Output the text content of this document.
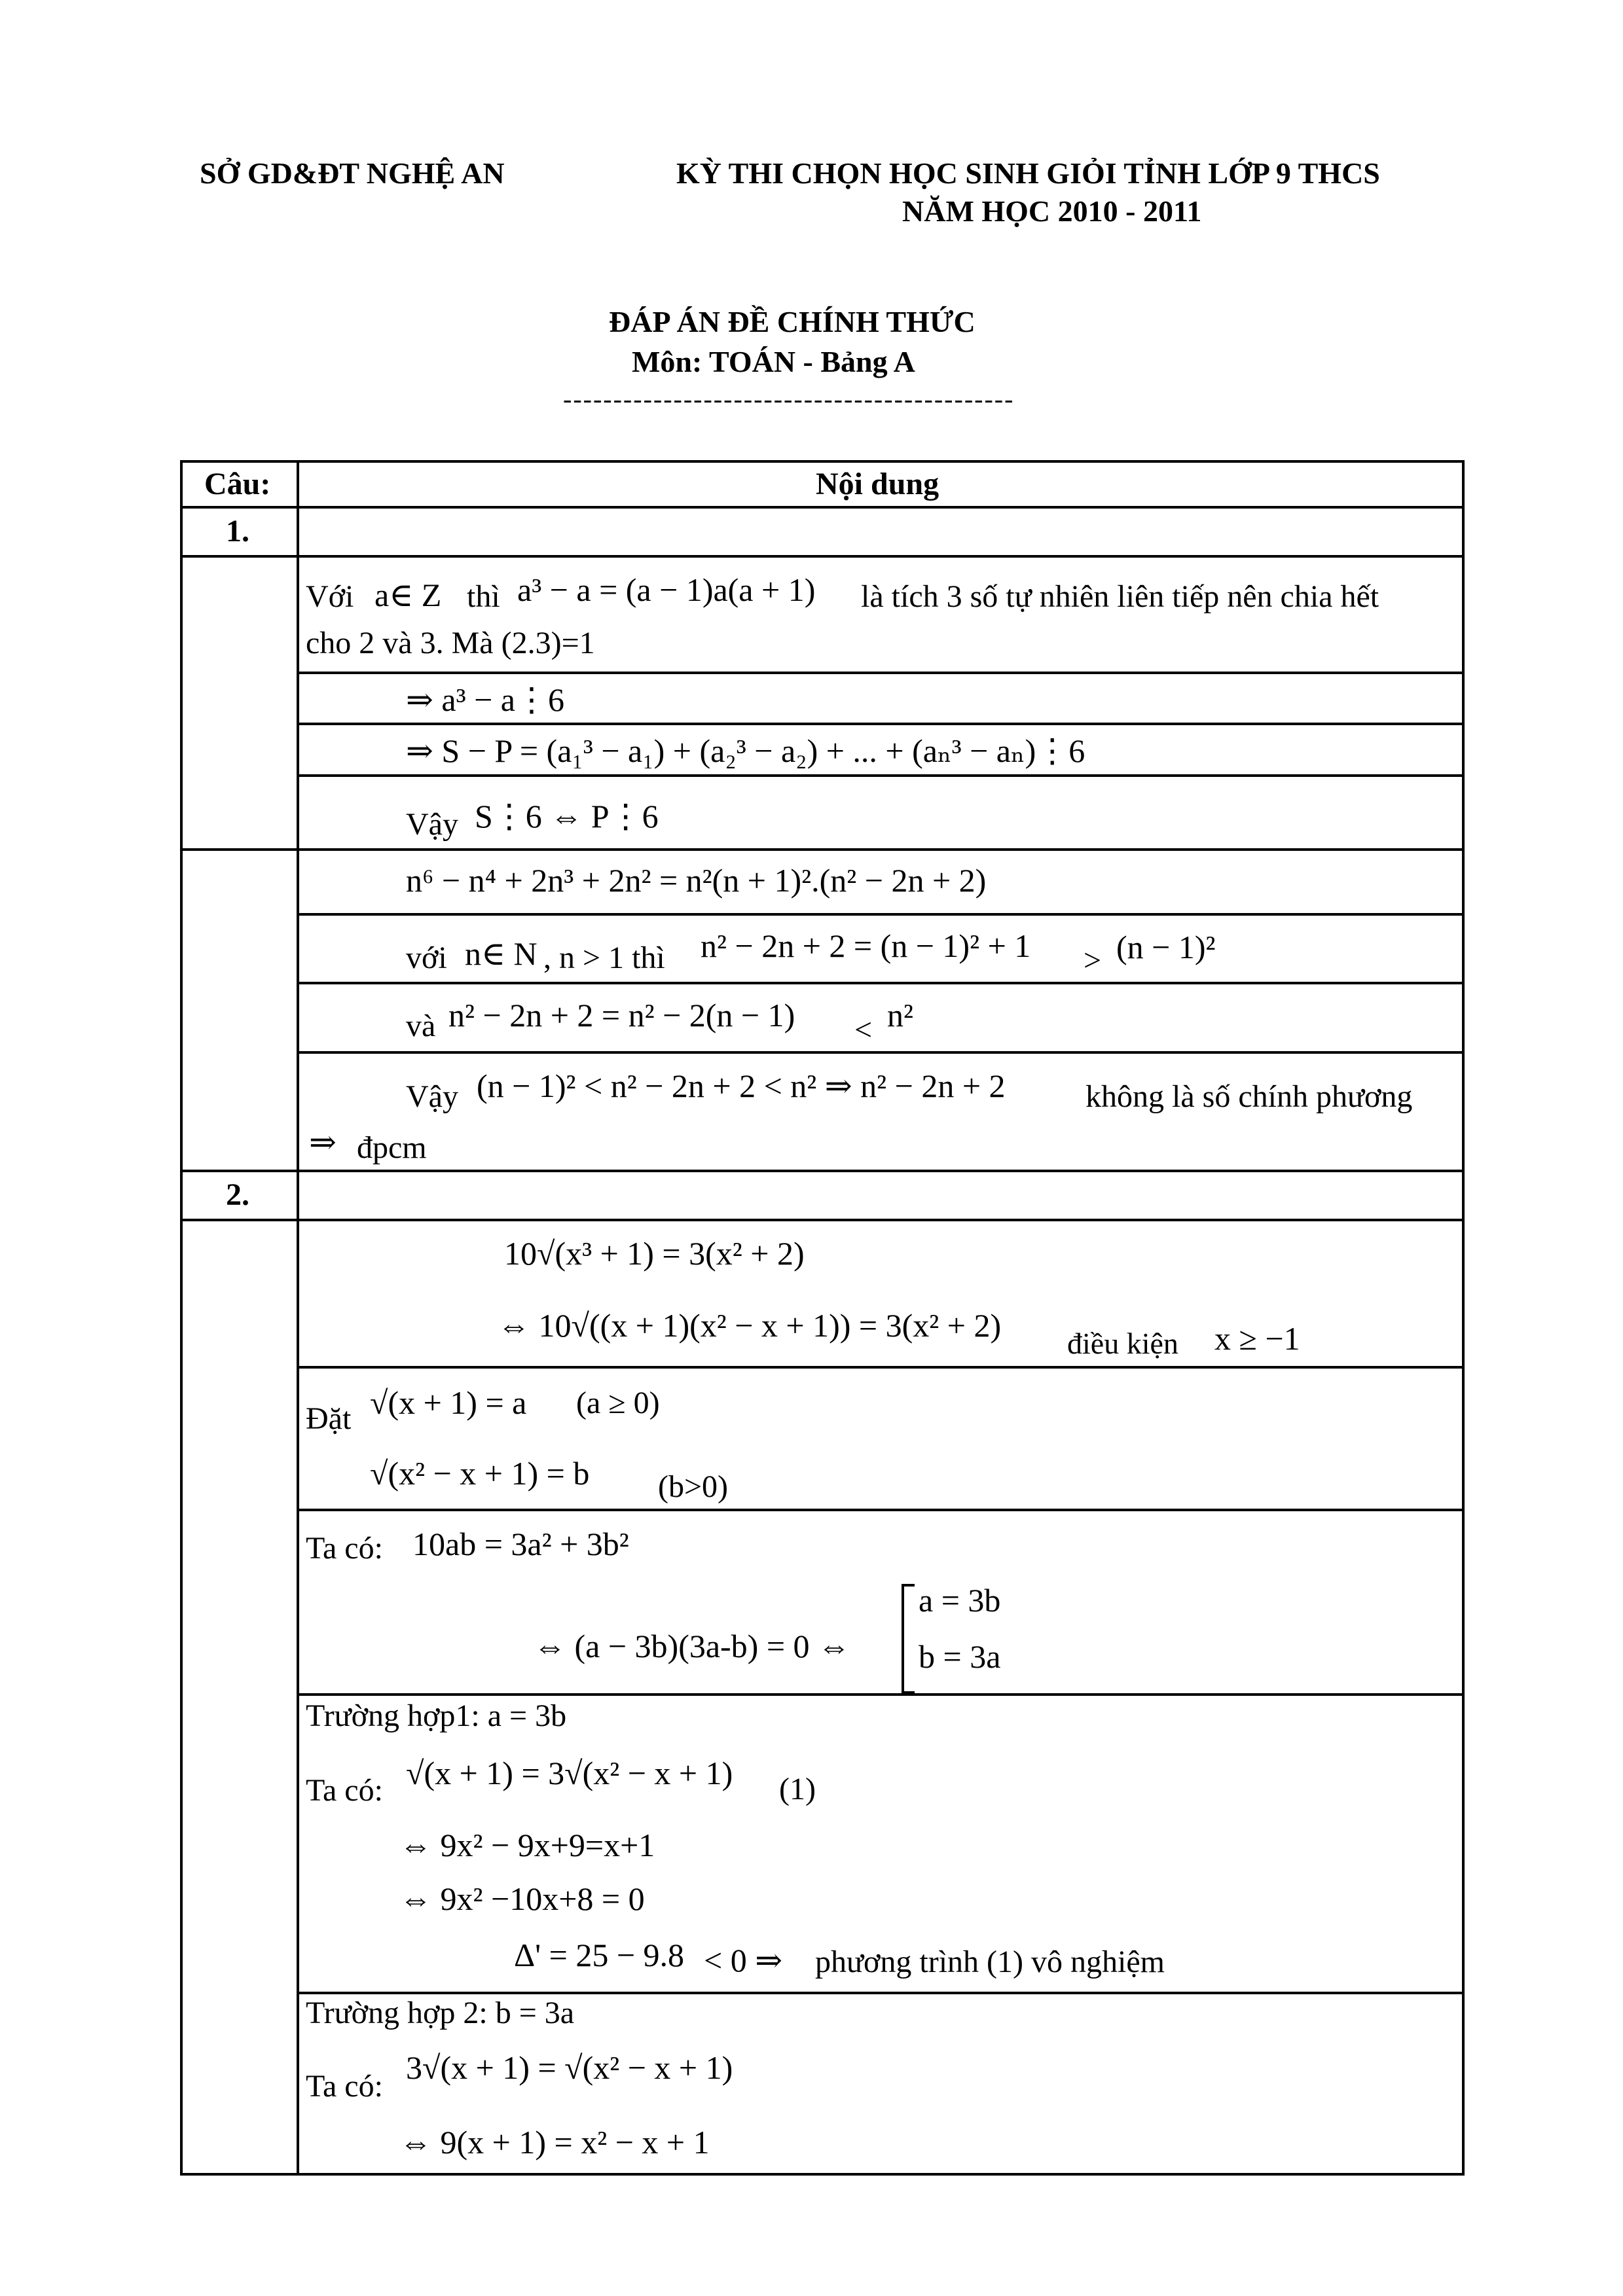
SỞ GD&ĐT NGHỆ AN	KỲ THI CHỌN HỌC SINH GIỎI TỈNH LỚP 9 THCS
NĂM HỌC 2010 - 2011
ĐÁP ÁN ĐỀ CHÍNH THỨC
Môn: TOÁN - Bảng A
---------------------------------------------
Câu:	Nội dung
1.
Với a∈ Z thì a³ − a = (a − 1)a(a + 1) là tích 3 số tự nhiên liên tiếp nên chia hết
cho 2 và 3. Mà (2.3)=1
⇒ a³ − a⋮6
⇒ S − P = (a₁³ − a₁) + (a₂³ − a₂) + ... + (aₙ³ − aₙ)⋮6
Vậy S⋮6 ⇔ P⋮6
n⁶ − n⁴ + 2n³ + 2n² = n²(n + 1)².(n² − 2n + 2)
với n∈ N , n > 1 thì n² − 2n + 2 = (n − 1)² + 1 > (n − 1)²
và n² − 2n + 2 = n² − 2(n − 1) < n²
Vậy (n − 1)² < n² − 2n + 2 < n² ⇒ n² − 2n + 2	không là số chính phương
⇒ đpcm
2.
10√(x³ + 1) = 3(x² + 2)
⇔ 10√((x + 1)(x² − x + 1)) = 3(x² + 2) điều kiện x ≥ −1
Đặt √(x + 1) = a (a ≥ 0)
√(x² − x + 1) = b (b>0)
Ta có: 10ab = 3a² + 3b²
⇔ (a − 3b)(3a-b) = 0 ⇔
a = 3b
b = 3a
Trường hợp1: a = 3b
Ta có: √(x + 1) = 3√(x² − x + 1) (1)
⇔ 9x² − 9x+9=x+1
⇔ 9x² −10x+8 = 0
Δ' = 25 − 9.8 < 0 ⇒ phương trình (1) vô nghiệm
Trường hợp 2: b = 3a
Ta có:
3√(x + 1) = √(x² − x + 1)
⇔ 9(x + 1) = x² − x + 1
